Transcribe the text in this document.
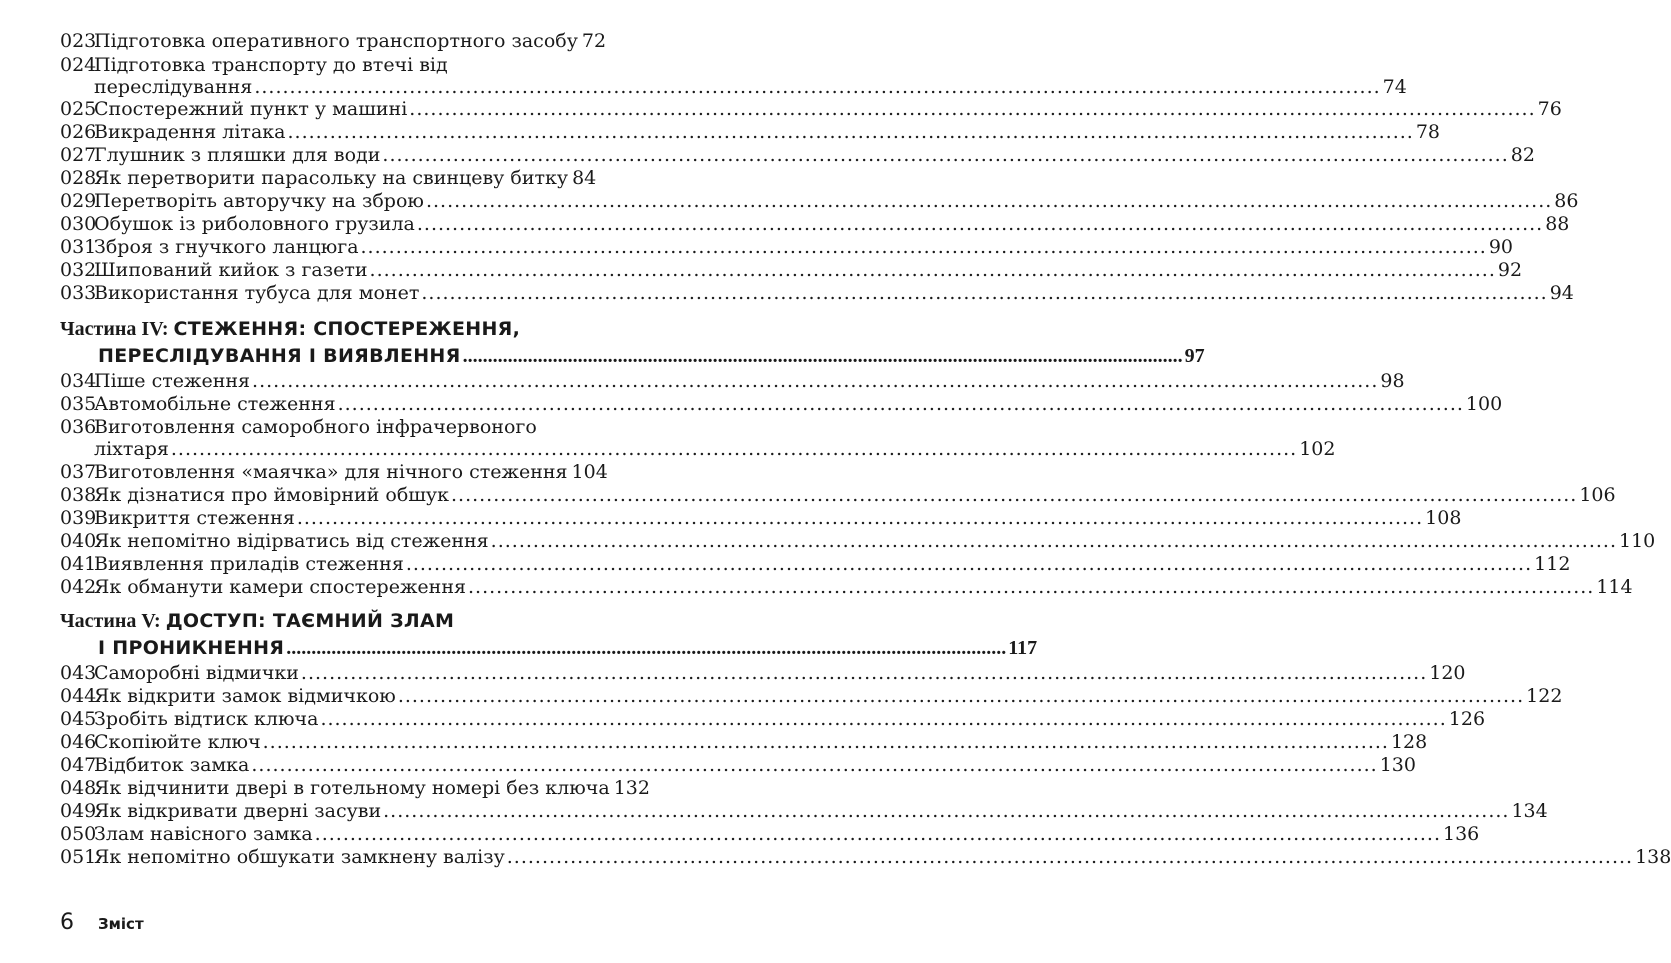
023Підготовка оперативного транспортного засобу 72
024Підготовка транспорту до втечі від
переслідування .....	74
025Спостережний пункт у машині .....	76
026Викрадення літака .....	78
027Глушник з пляшки для води .....	82
028Як перетворити парасольку на свинцеву битку 84
029Перетворіть авторучку на зброю .....	86
030Обушок із риболовного грузила .....	88
031Зброя з гнучкого ланцюга .....	90
032Шипований кийок з газети .....	92
033Використання тубуса для монет .....	94
Частина IV: СТЕЖЕННЯ: СПОСТЕРЕЖЕННЯ,
ПЕРЕСЛІДУВАННЯ І ВИЯВЛЕННЯ .....	97
034Пішe стеження .....	98
035Автомобільне стеження .....	100
036Виготовлення саморобного інфрачервоного
ліхтаря .....	102
037Виготовлення «маячка» для нічного стеження 104
038Як дізнатися про ймовірний обшук .....	106
039Викриття стеження .....	108
040Як непомітно відірватись від стеження .....	110
041Виявлення приладів стеження .....	112
042Як обманути камери спостереження .....	114
Частина V: ДОСТУП: ТАЄМНИЙ ЗЛАМ
І ПРОНИКНЕННЯ .....	117
043Саморобні відмички .....	120
044Як відкрити замок відмичкою .....	122
045Зробіть відтиск ключа .....	126
046Скопіюйте ключ .....	128
047Відбиток замка .....	130
048Як відчинити двері в готельному номері без ключа 132
049Як відкривати дверні засуви .....	134
050Злам навісного замка .....	136
051Як непомітно обшукати замкнену валізу .....	138
6 Зміст
